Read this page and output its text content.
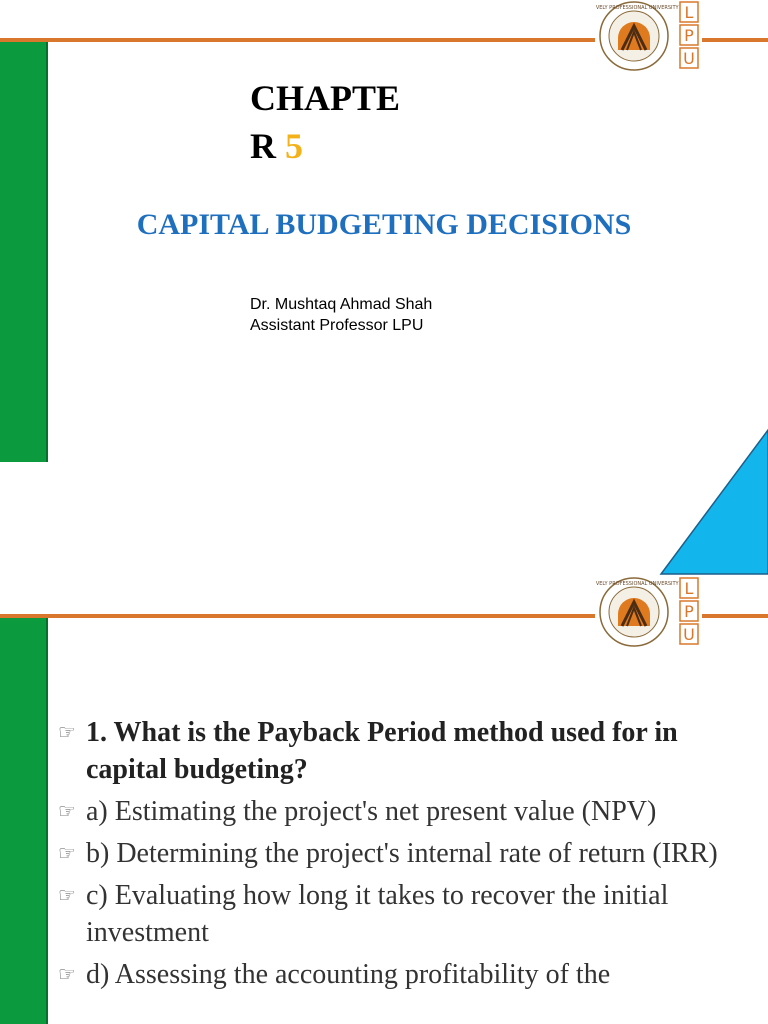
LOVELY PROFESSIONAL UNIVERSITY L
P
U
CHAPTE
R 5
CAPITAL BUDGETING DECISIONS
Dr. Mushtaq Ahmad Shah
Assistant Professor LPU
LOVELY PROFESSIONAL UNIVERSITY L
P
U
☞ 1. What is the Payback Period method used for in capital budgeting?
☞ a) Estimating the project's net present value (NPV)
☞ b) Determining the project's internal rate of return (IRR)
☞ c) Evaluating how long it takes to recover the initial investment
☞ d) Assessing the accounting profitability of the
